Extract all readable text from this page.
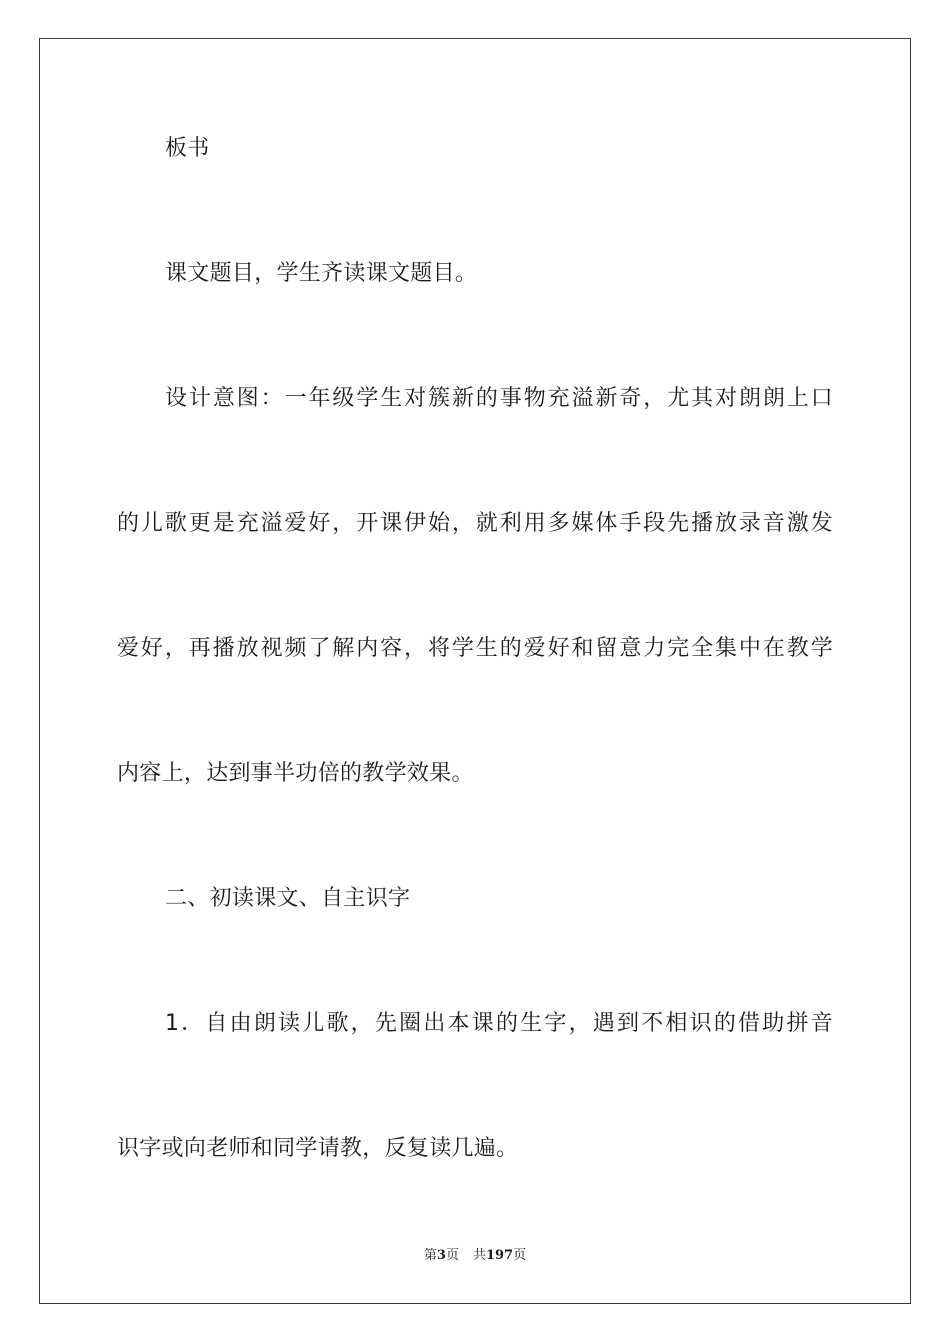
板书
课文题目，学生齐读课文题目。
设计意图：一年级学生对簇新的事物充溢新奇，尤其对朗朗上口
的儿歌更是充溢爱好，开课伊始，就利用多媒体手段先播放录音激发
爱好，再播放视频了解内容，将学生的爱好和留意力完全集中在教学
内容上，达到事半功倍的教学效果。
二、初读课文、自主识字
1．自由朗读儿歌，先圈出本课的生字，遇到不相识的借助拼音
识字或向老师和同学请教，反复读几遍。
第3页 共197页
